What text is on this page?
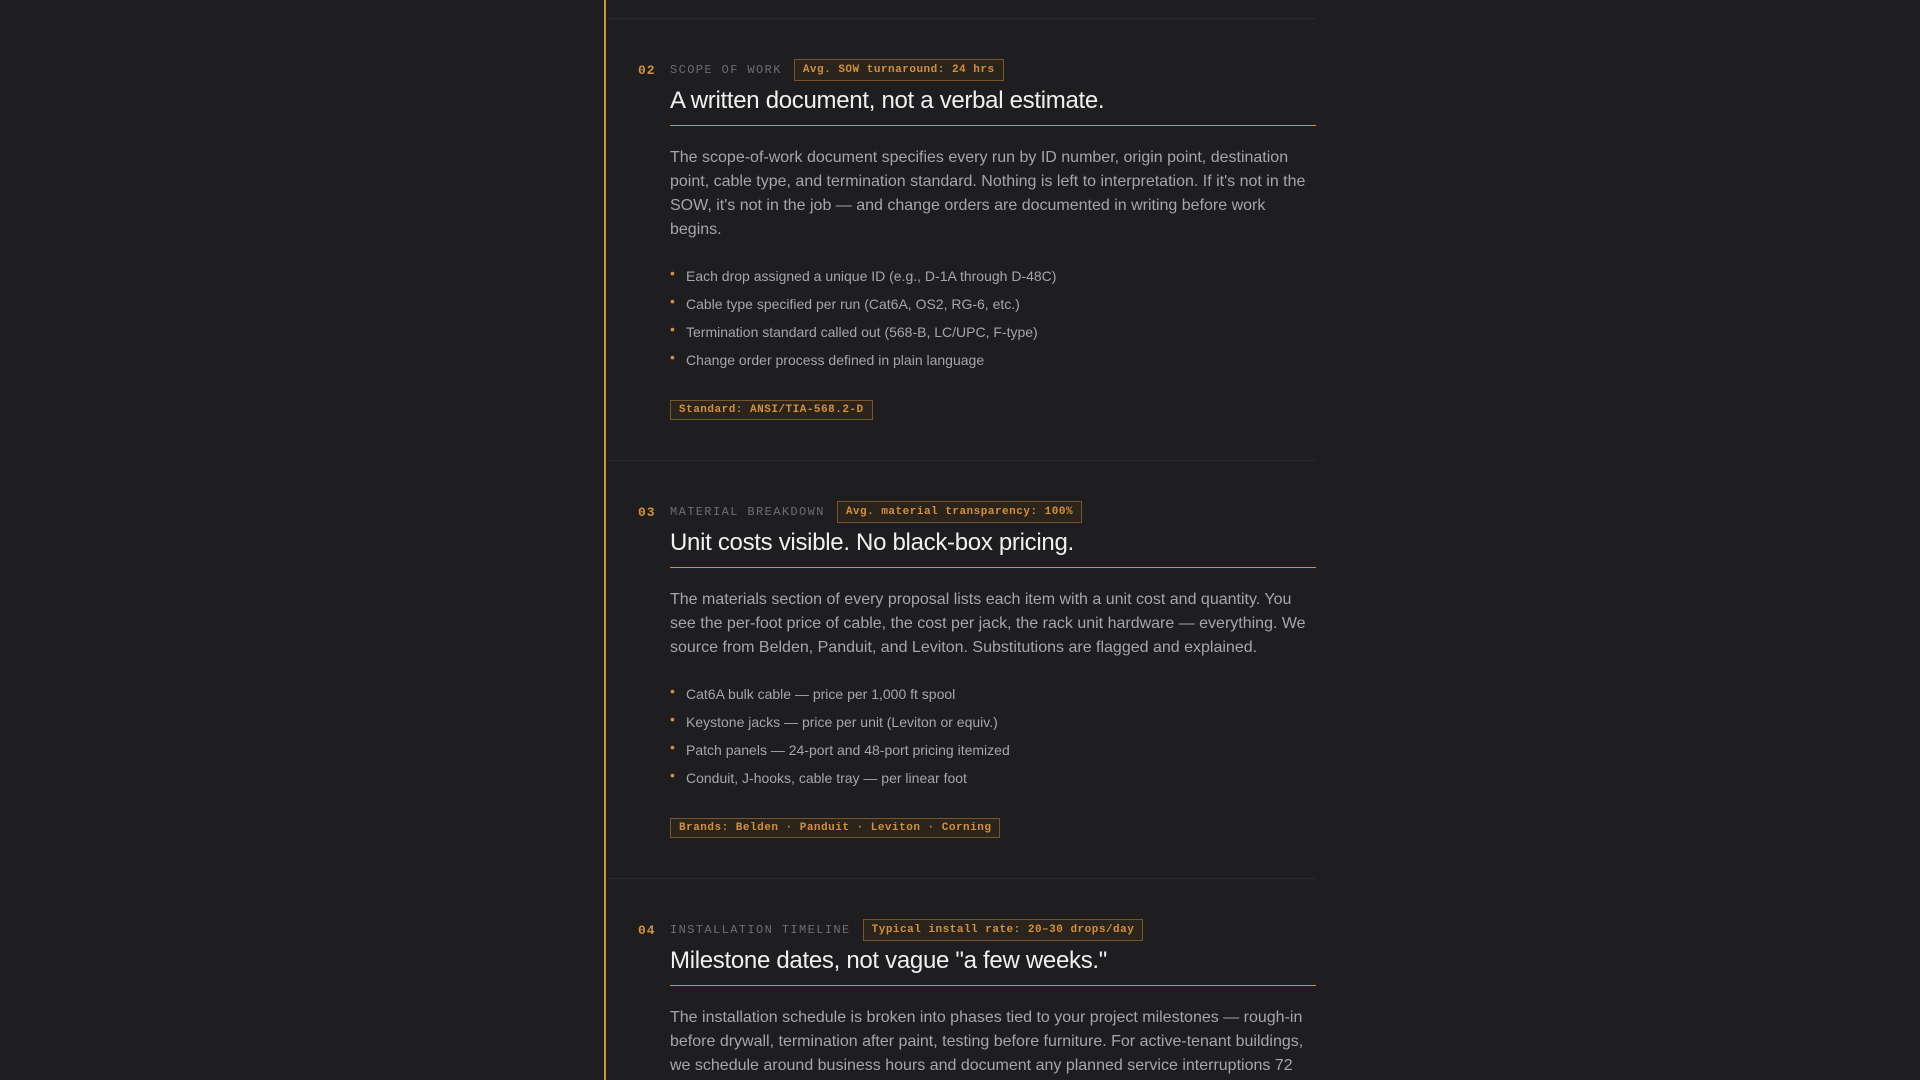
02 SCOPE OF WORK	Avg. SOW turnaround: 24 hrs
A written document, not a verbal estimate.

The scope-of-work document specifies every run by ID number, origin point, destination point, cable type, and termination standard. Nothing is left to interpretation. If it's not in the SOW, it's not in the job — and change orders are documented in writing before work begins.

• Each drop assigned a unique ID (e.g., D-1A through D-48C)
• Cable type specified per run (Cat6A, OS2, RG-6, etc.)
• Termination standard called out (568-B, LC/UPC, F-type)
• Change order process defined in plain language
Standard: ANSI/TIA-568.2-D
03 MATERIAL BREAKDOWN	Avg. material transparency: 100%
Unit costs visible. No black-box pricing.

The materials section of every proposal lists each item with a unit cost and quantity. You see the per-foot price of cable, the cost per jack, the rack unit hardware — everything. We source from Belden, Panduit, and Leviton. Substitutions are flagged and explained.

• Cat6A bulk cable — price per 1,000 ft spool
• Keystone jacks — price per unit (Leviton or equiv.)
• Patch panels — 24-port and 48-port pricing itemized
• Conduit, J-hooks, cable tray — per linear foot
Brands: Belden · Panduit · Leviton · Corning
04 INSTALLATION TIMELINE	Typical install rate: 20–30 drops/day
Milestone dates, not vague "a few weeks."

The installation schedule is broken into phases tied to your project milestones — rough-in before drywall, termination after paint, testing before furniture. For active-tenant buildings, we schedule around business hours and document any planned service interruptions 72
